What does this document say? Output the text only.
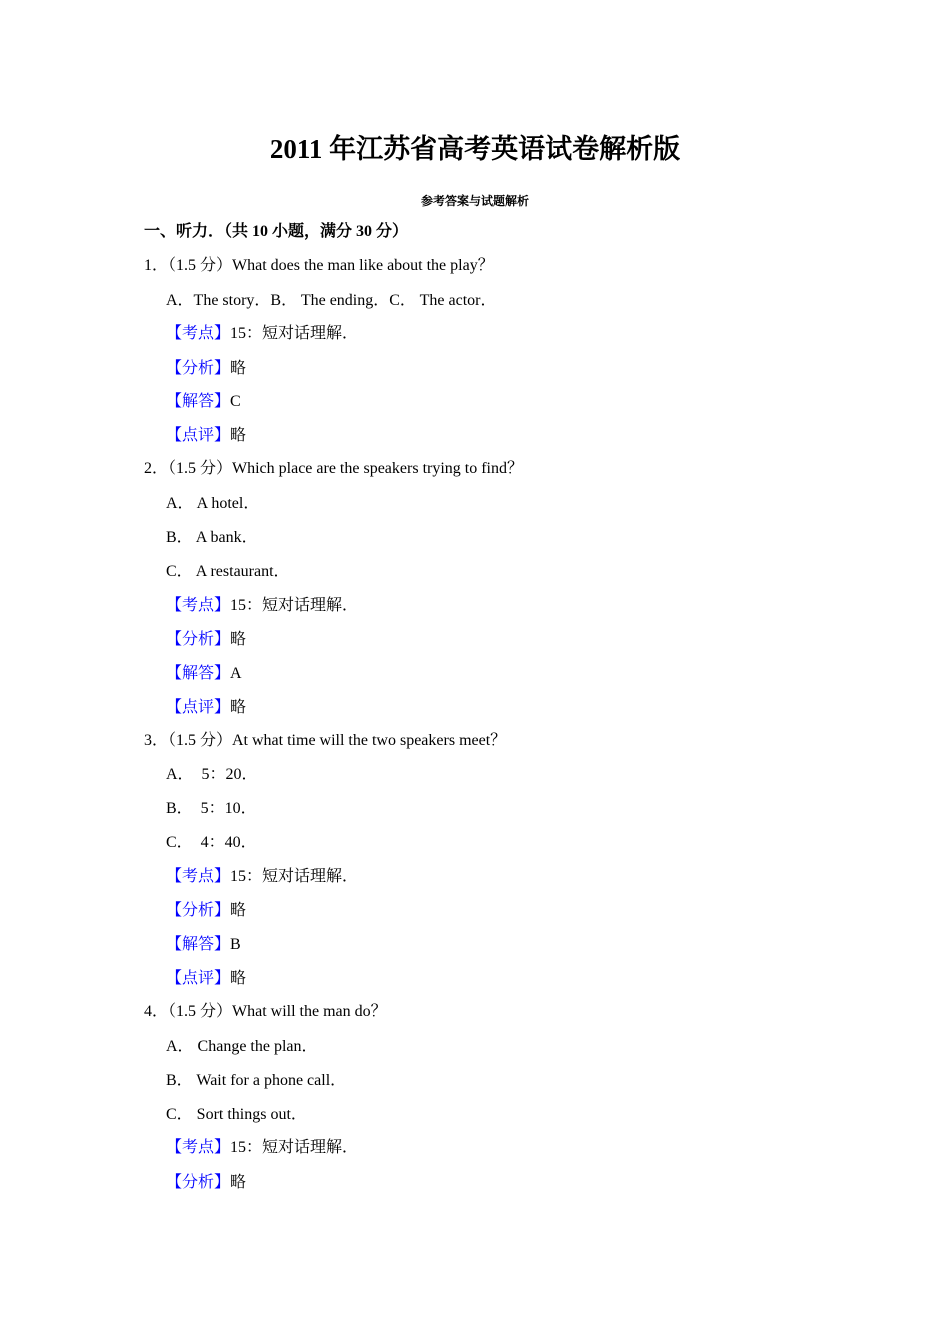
2011 年江苏省高考英语试卷解析版
参考答案与试题解析
一、听力．（共 10 小题，满分 30 分）
1．（1.5 分）What does the man like about the play？
A．The story．B． The ending．C． The actor．
【考点】15：短对话理解．
【分析】略
【解答】C
【点评】略
2．（1.5 分）Which place are the speakers trying to find？
A． A hotel．
B． A bank．
C． A restaurant．
【考点】15：短对话理解．
【分析】略
【解答】A
【点评】略
3．（1.5 分）At what time will the two speakers meet？
A．  5：20．
B．  5：10．
C．  4：40．
【考点】15：短对话理解．
【分析】略
【解答】B
【点评】略
4．（1.5 分）What will the man do？
A． Change the plan．
B． Wait for a phone call．
C． Sort things out．
【考点】15：短对话理解．
【分析】略
